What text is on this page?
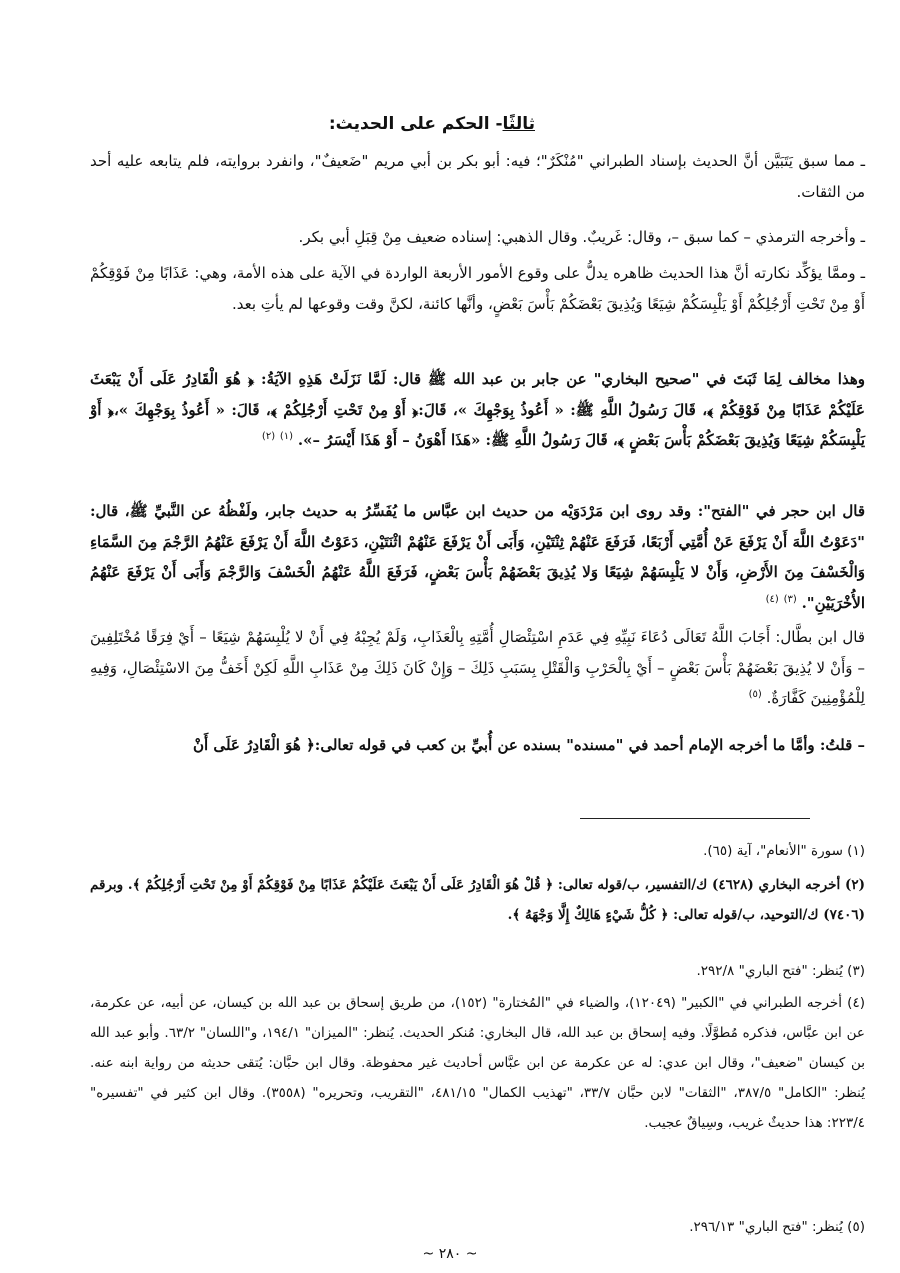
ثالثًا- الحكم على الحديث:
ـ مما سبق يَتَبَيَّن أنَّ الحديث بإسناد الطبراني "مُنْكَرٌ"؛ فيه: أبو بكر بن أبي مريم "ضَعيفٌ"، وانفرد بروايته، فلم يتابعه عليه أحد من الثقات.
ـ وأخرجه الترمذي – كما سبق –، وقال: غَريبٌ. وقال الذهبي: إسناده ضعيف مِنْ قِبَلِ أبي بكر.
ـ وممَّا يؤكِّد نكارته أنَّ هذا الحديث ظاهره يدلُّ على وقوع الأمور الأربعة الواردة في الآية على هذه الأمة، وهي: عَذَابًا مِنْ فَوْقِكُمْ أَوْ مِنْ تَحْتِ أَرْجُلِكُمْ أَوْ يَلْبِسَكُمْ شِيَعًا وَيُذِيقَ بَعْضَكُمْ بَأْسَ بَعْضٍ، وأنَّها كائنة، لكنَّ وقت وقوعها لم يأتِ بعد.
وهذا مخالف لِمَا ثَبَتَ في "صحيح البخاري" عن جابر بن عبد الله ﷺ قال: لَمَّا نَزَلَتْ هَذِهِ الآيَةُ: ﴿ هُوَ الْقَادِرُ عَلَى أَنْ يَبْعَثَ عَلَيْكُمْ عَذَابًا مِنْ فَوْقِكُمْ ﴾، قَالَ رَسُولُ اللَّهِ ﷺ: « أَعُوذُ بِوَجْهِكَ »، قَالَ:﴿ أَوْ مِنْ تَحْتِ أَرْجُلِكُمْ ﴾، قَالَ: « أَعُوذُ بِوَجْهِكَ »،﴿ أَوْ يَلْبِسَكُمْ شِيَعًا وَيُذِيقَ بَعْضَكُمْ بَأْسَ بَعْضٍ ﴾، قَالَ رَسُولُ اللَّهِ ﷺ: «هَذَا أَهْوَنُ – أَوْ هَذَا أَيْسَرُ –». $^{(١)}$ $^{(٢)}$
قال ابن حجر في "الفتح": وقد روى ابن مَرْدَوَيْه من حديث ابن عبَّاس ما يُفَسِّرُ به حديث جابر، ولَفْظُهُ عن النَّبيِّ ﷺ، قال: "دَعَوْتُ اللَّهَ أَنْ يَرْفَعَ عَنْ أُمَّتِي أَرْبَعًا، فَرَفَعَ عَنْهُمْ ثِنْتَيْنِ، وَأَبَى أَنْ يَرْفَعَ عَنْهُمْ اثْنَتَيْنِ، دَعَوْتُ اللَّهَ أَنْ يَرْفَعَ عَنْهُمُ الرَّجْمَ مِنَ السَّمَاءِ وَالْخَسْفَ مِنَ الأَرْضِ، وَأَنْ لا يَلْبِسَهُمْ شِيَعًا وَلا يُذِيقَ بَعْضَهُمْ بَأْسَ بَعْضٍ، فَرَفَعَ اللَّهُ عَنْهُمُ الْخَسْفَ وَالرَّجْمَ وَأَبَى أَنْ يَرْفَعَ عَنْهُمُ الأُخْرَيَيْنِ". $^{(٣)}$ $^{(٤)}$
قال ابن بطَّال: أَجَابَ اللَّهُ تَعَالَى دُعَاءَ نَبِيِّهِ فِي عَدَمِ اسْتِئْصَالِ أُمَّتِهِ بِالْعَذَابِ، وَلَمْ يُجِبْهُ فِي أَنْ لا يُلْبِسَهُمْ شِيَعًا – أَيْ فِرَقًا مُخْتَلِفِينَ – وَأَنْ لا يُذِيقَ بَعْضَهُمْ بَأْسَ بَعْضٍ – أَيْ بِالْحَرْبِ وَالْقَتْلِ بِسَبَبِ ذَلِكَ – وَإِنْ كَانَ ذَلِكَ مِنْ عَذَابِ اللَّهِ لَكِنْ أَخَفُّ مِنَ الاسْتِئْصَالِ، وَفِيهِ لِلْمُؤْمِنِينَ كَفَّارَةٌ. $^{(٥)}$
– قلتُ: وأمَّا ما أخرجه الإمام أحمد في "مسنده" بسنده عن أُبيِّ بن كعب في قوله تعالى:﴿ هُوَ الْقَادِرُ عَلَى أَنْ
(١) سورة "الأنعام"، آية (٦٥).
(٢) أخرجه البخاري (٤٦٢٨) ك/التفسير، ب/قوله تعالى: ﴿ قُلْ هُوَ الْقَادِرُ عَلَى أَنْ يَبْعَثَ عَلَيْكُمْ عَذَابًا مِنْ فَوْقِكُمْ أَوْ مِنْ تَحْتِ أَرْجُلِكُمْ ﴾. وبرقم (٧٤٠٦) ك/التوحيد، ب/قوله تعالى: ﴿ كُلُّ شَيْءٍ هَالِكٌ إِلَّا وَجْهَهُ ﴾.
(٣) يُنظر: "فتح الباري" ٢٩٢/٨.
(٤) أخرجه الطبراني في "الكبير" (١٢٠٤٩)، والضياء في "المُختارة" (١٥٢)، من طريق إسحاق بن عبد الله بن كيسان، عن أبيه، عن عكرمة، عن ابن عبَّاس، فذكره مُطوَّلًا. وفيه إسحاق بن عبد الله، قال البخاري: مُنكر الحديث. يُنظر: "الميزان" ١٩٤/١، و"اللسان" ٦٣/٢. وأبو عبد الله بن كيسان "ضعيف"، وقال ابن عدي: له عن عكرمة عن ابن عبَّاس أحاديث غير محفوظة. وقال ابن حبَّان: يُتقى حديثه من رواية ابنه عنه. يُنظر: "الكامل" ٣٨٧/٥، "الثقات" لابن حبَّان ٣٣/٧، "تهذيب الكمال" ٤٨١/١٥، "التقريب، وتحريره" (٣٥٥٨). وقال ابن كثير في "تفسيره" ٢٢٣/٤: هذا حديثٌ غريب، وسِياقٌ عجيب.
(٥) يُنظر: "فتح الباري" ٢٩٦/١٣.
~ ٢٨٠ ~
